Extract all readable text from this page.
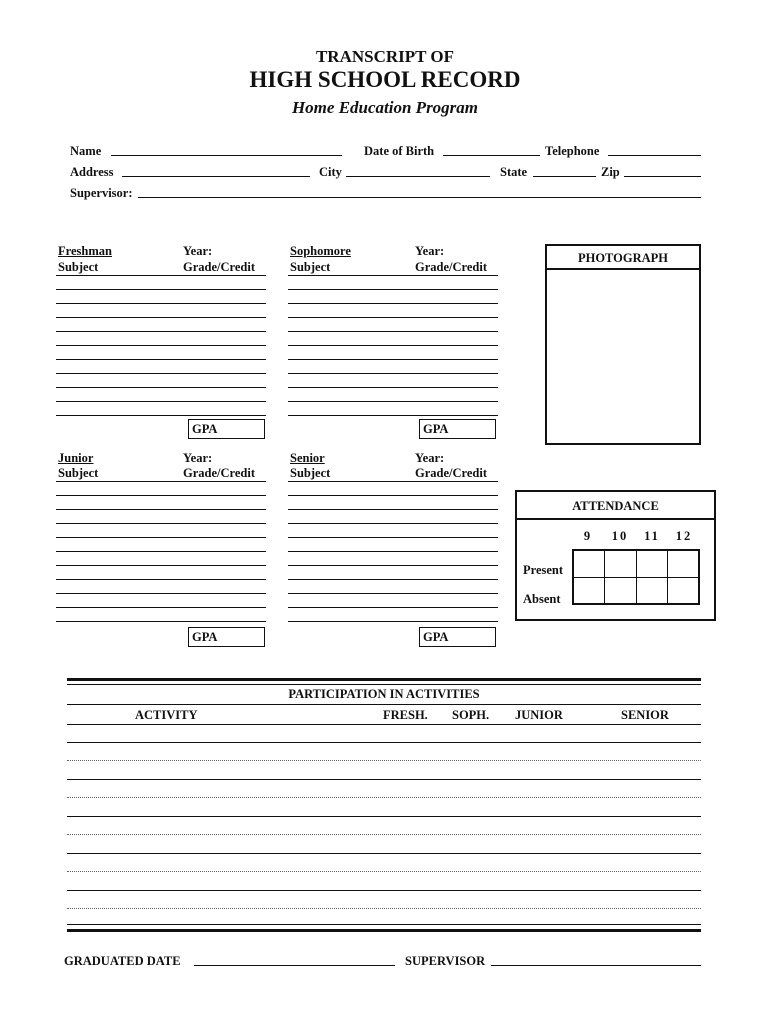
TRANSCRIPT OF
HIGH SCHOOL RECORD
Home Education Program
Name	Date of Birth	Telephone
Address	City	State	Zip
Supervisor:
Freshman	Year:
Subject	Grade/Credit
GPA
Sophomore	Year:
Subject	Grade/Credit
GPA
PHOTOGRAPH
Junior	Year:
Subject	Grade/Credit
GPA
Senior	Year:
Subject	Grade/Credit
GPA
ATTENDANCE
9	10	11	12
Present
Absent
PARTICIPATION IN ACTIVITIES
ACTIVITY	FRESH. SOPH. JUNIOR	SENIOR
GRADUATED DATE	SUPERVISOR
